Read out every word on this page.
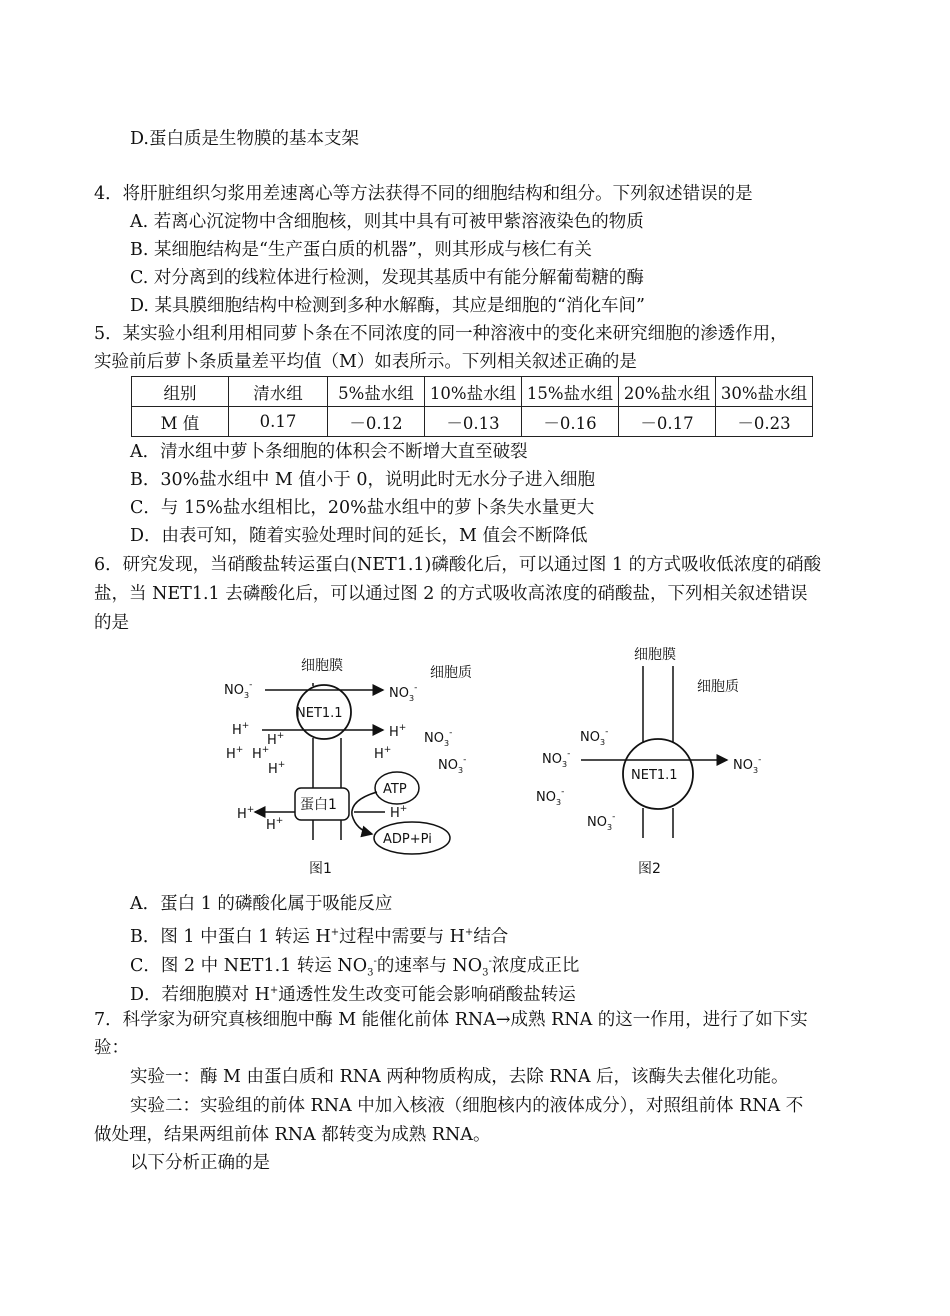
D.蛋白质是生物膜的基本支架
4．将肝脏组织匀浆用差速离心等方法获得不同的细胞结构和组分。下列叙述错误的是
A. 若离心沉淀物中含细胞核，则其中具有可被甲紫溶液染色的物质
B. 某细胞结构是“生产蛋白质的机器”，则其形成与核仁有关
C. 对分离到的线粒体进行检测，发现其基质中有能分解葡萄糖的酶
D. 某具膜细胞结构中检测到多种水解酶，其应是细胞的“消化车间”
5．某实验小组利用相同萝卜条在不同浓度的同一种溶液中的变化来研究细胞的渗透作用，
实验前后萝卜条质量差平均值（M）如表所示。下列相关叙述正确的是
组别	清水组	5%盐水组	10%盐水组	15%盐水组	20%盐水组	30%盐水组
M 值	0.17	－0.12	－0.13	－0.16	－0.17	－0.23
A．清水组中萝卜条细胞的体积会不断增大直至破裂
B．30%盐水组中 M 值小于 0，说明此时无水分子进入细胞
C．与 15%盐水组相比，20%盐水组中的萝卜条失水量更大
D．由表可知，随着实验处理时间的延长，M 值会不断降低
6．研究发现，当硝酸盐转运蛋白(NET1.1)磷酸化后，可以通过图 1 的方式吸收低浓度的硝酸
盐，当 NET1.1 去磷酸化后，可以通过图 2 的方式吸收高浓度的硝酸盐，下列相关叙述错误
的是
细胞膜	细胞质
NET1.1
$NO_3^-$
$NO_3^-$
H+	H+
H+
H+ H+
H+
H+
$NO_3^-$
$NO_3^-$
蛋白1
H+
H+	H+
ATP
ADP+Pi
图1
细胞膜
细胞质
NET1.1
$NO_3^-$
$NO_3^-$
$NO_3^-$
$NO_3^-$
$NO_3^-$
图2
A．蛋白 1 的磷酸化属于吸能反应
B．图 1 中蛋白 1 转运 H+过程中需要与 H+结合
C．图 2 中 NET1.1 转运 $NO_3^-$的速率与 $NO_3^-$浓度成正比
D．若细胞膜对 H+通透性发生改变可能会影响硝酸盐转运
7．科学家为研究真核细胞中酶 M 能催化前体 RNA→成熟 RNA 的这一作用，进行了如下实
验：
实验一：酶 M 由蛋白质和 RNA 两种物质构成，去除 RNA 后，该酶失去催化功能。
实验二：实验组的前体 RNA 中加入核液（细胞核内的液体成分），对照组前体 RNA 不
做处理，结果两组前体 RNA 都转变为成熟 RNA。
以下分析正确的是
